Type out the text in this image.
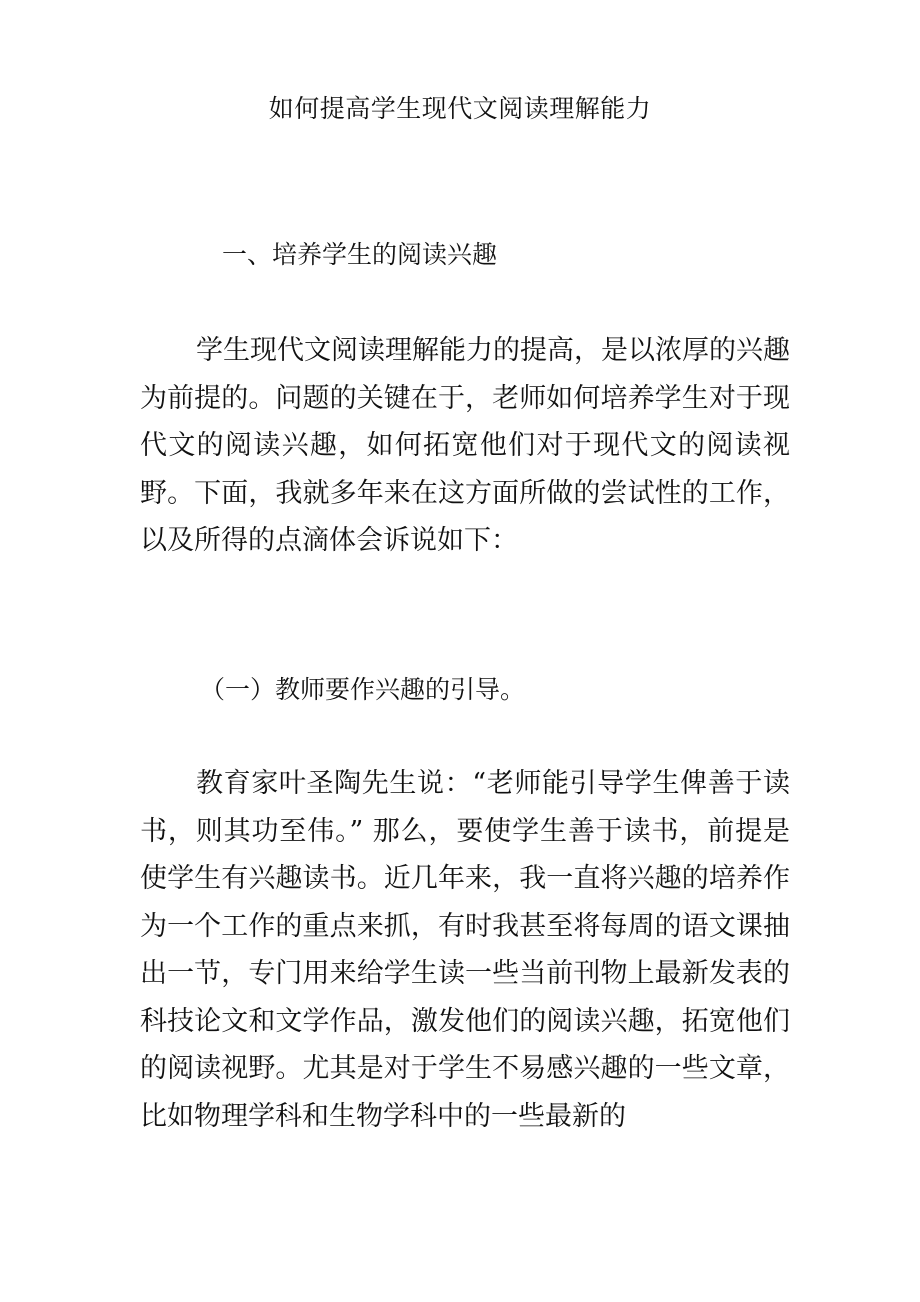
如何提高学生现代文阅读理解能力
一、培养学生的阅读兴趣

学生现代文阅读理解能力的提高，是以浓厚的兴趣为前提的。问题的关键在于，老师如何培养学生对于现代文的阅读兴趣，如何拓宽他们对于现代文的阅读视野。下面，我就多年来在这方面所做的尝试性的工作，以及所得的点滴体会诉说如下：

（一）教师要作兴趣的引导。

教育家叶圣陶先生说：“老师能引导学生俾善于读书，则其功至伟。” 那么，要使学生善于读书，前提是使学生有兴趣读书。近几年来，我一直将兴趣的培养作为一个工作的重点来抓，有时我甚至将每周的语文课抽出一节，专门用来给学生读一些当前刊物上最新发表的科技论文和文学作品，激发他们的阅读兴趣，拓宽他们的阅读视野。尤其是对于学生不易感兴趣的一些文章，比如物理学科和生物学科中的一些最新的
